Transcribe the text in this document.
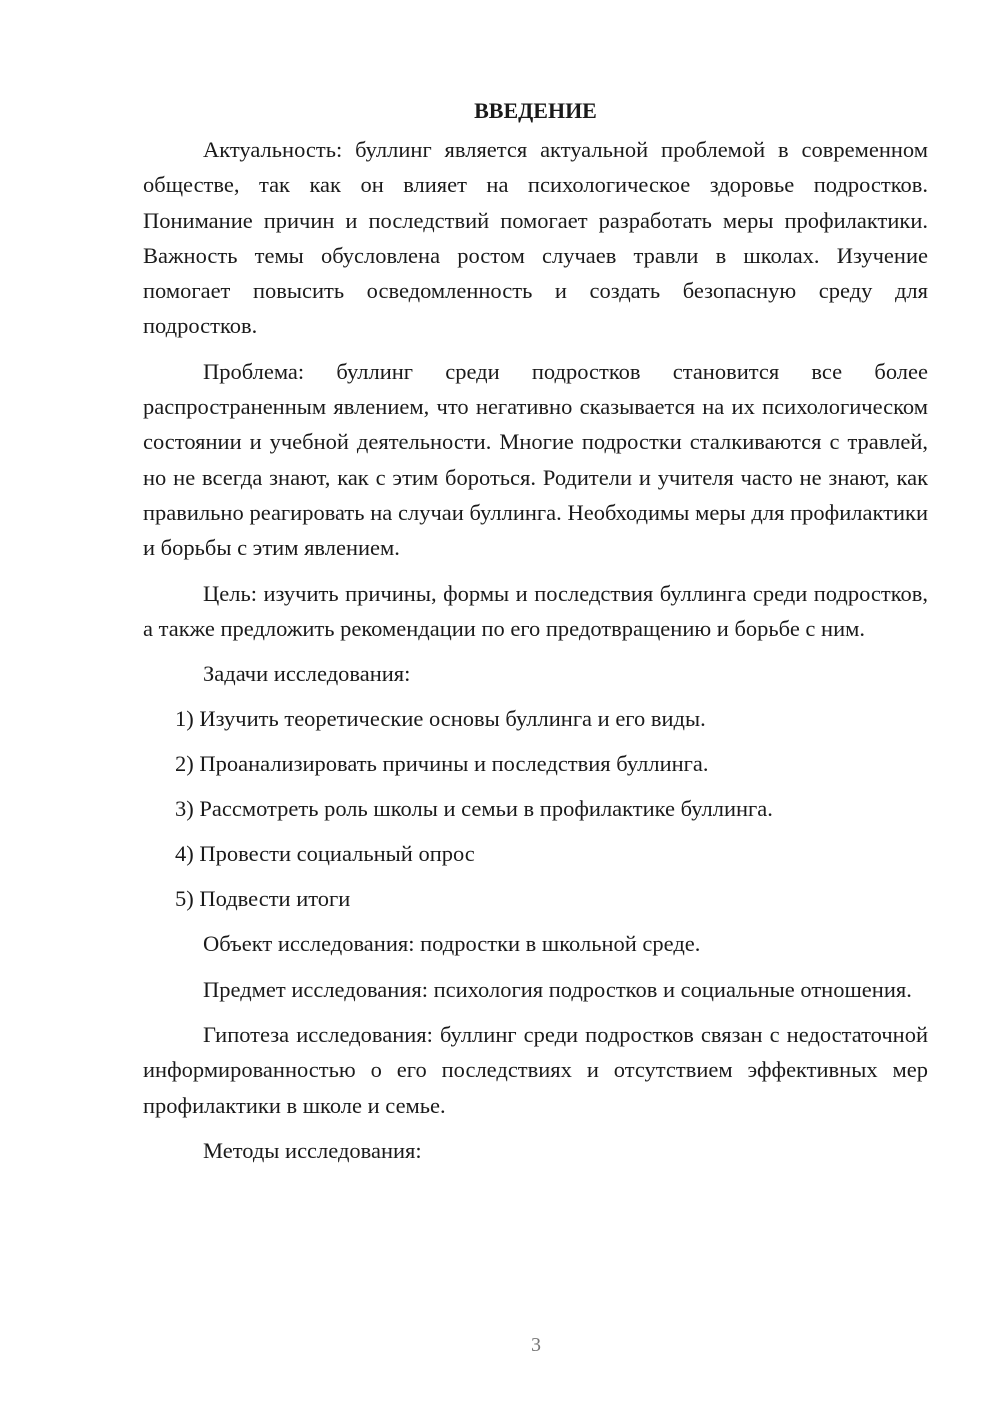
ВВЕДЕНИЕ

Актуальность: буллинг является актуальной проблемой в современном обществе, так как он влияет на психологическое здоровье подростков. Понимание причин и последствий помогает разработать меры профилактики. Важность темы обусловлена ростом случаев травли в школах. Изучение помогает повысить осведомленность и создать безопасную среду для подростков.

Проблема: буллинг среди подростков становится все более распространенным явлением, что негативно сказывается на их психологическом состоянии и учебной деятельности. Многие подростки сталкиваются с травлей, но не всегда знают, как с этим бороться. Родители и учителя часто не знают, как правильно реагировать на случаи буллинга. Необходимы меры для профилактики и борьбы с этим явлением.

Цель: изучить причины, формы и последствия буллинга среди подростков, а также предложить рекомендации по его предотвращению и борьбе с ним.

Задачи исследования:

1) Изучить теоретические основы буллинга и его виды.
2) Проанализировать причины и последствия буллинга.
3) Рассмотреть роль школы и семьи в профилактике буллинга.
4) Провести социальный опрос
5) Подвести итоги

Объект исследования: подростки в школьной среде.

Предмет исследования: психология подростков и социальные отношения.

Гипотеза исследования: буллинг среди подростков связан с недостаточной информированностью о его последствиях и отсутствием эффективных мер профилактики в школе и семье.

Методы исследования:

3
